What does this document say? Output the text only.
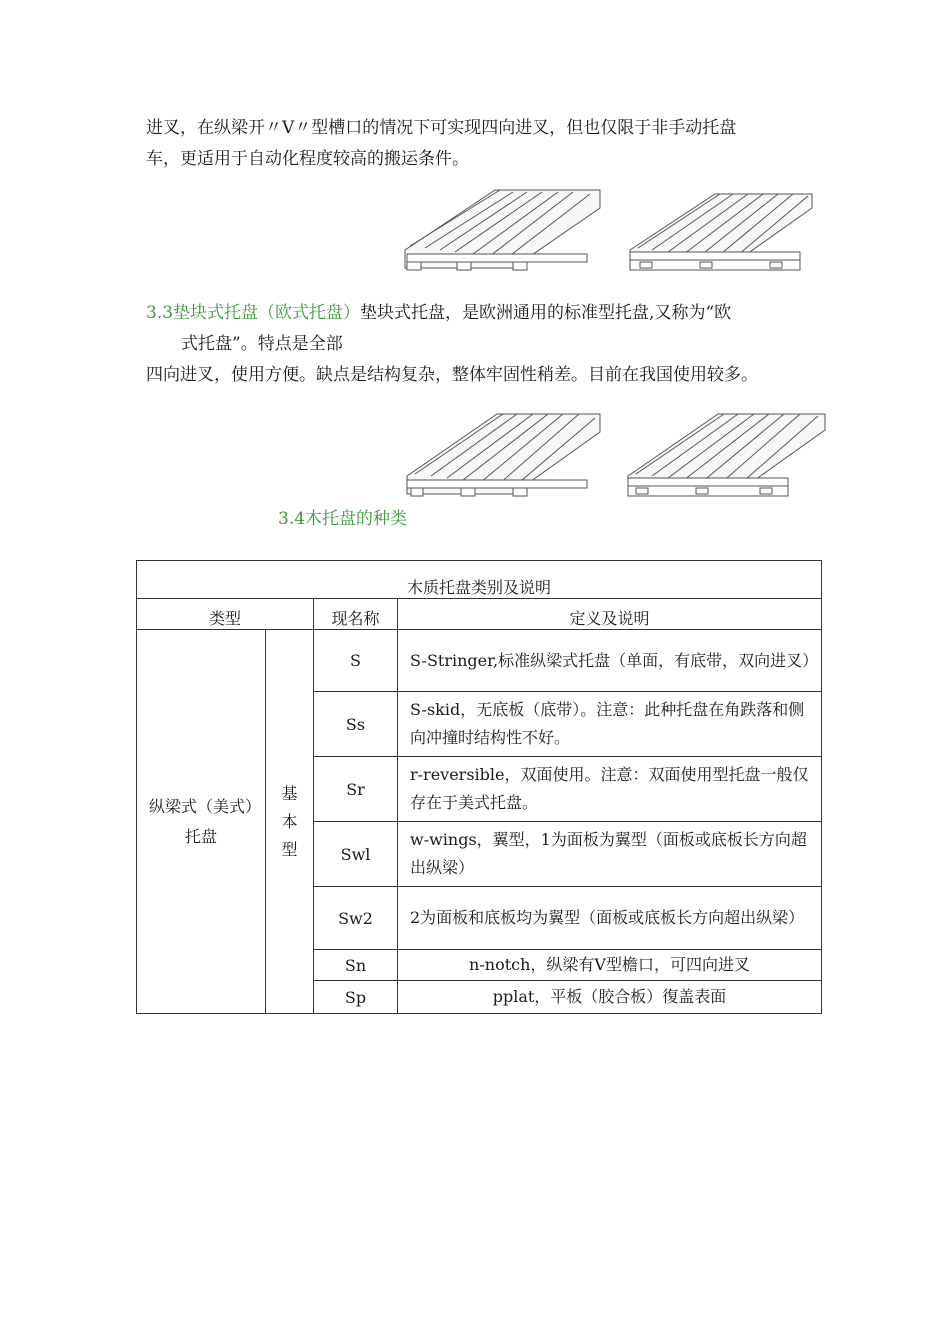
进叉，在纵梁开〃V〃型槽口的情况下可实现四向进叉，但也仅限于非手动托盘
车，更适用于自动化程度较高的搬运条件。
3.3垫块式托盘（欧式托盘）垫块式托盘，是欧洲通用的标准型托盘,又称为“欧
式托盘”。特点是全部
四向进叉，使用方便。缺点是结构复杂，整体牢固性稍差。目前在我国使用较多。
3.4木托盘的种类
木质托盘类别及说明			
类型		现名称	定义及说明
纵梁式（美式）托盘	基本型	S	S-Stringer,标准纵梁式托盘（单面，有底带，双向进叉）
		Ss	S-skid，无底板（底带）。注意：此种托盘在角跌落和侧向冲撞时结构性不好。
		Sr	r-reversible，双面使用。注意：双面使用型托盘一般仅存在于美式托盘。
		Swl	w-wings，翼型，1为面板为翼型（面板或底板长方向超出纵梁）
		Sw2	2为面板和底板均为翼型（面板或底板长方向超出纵梁）
		Sn	n-notch，纵梁有V型檐口，可四向进叉
		Sp	pplat，平板（胶合板）復盖表面
